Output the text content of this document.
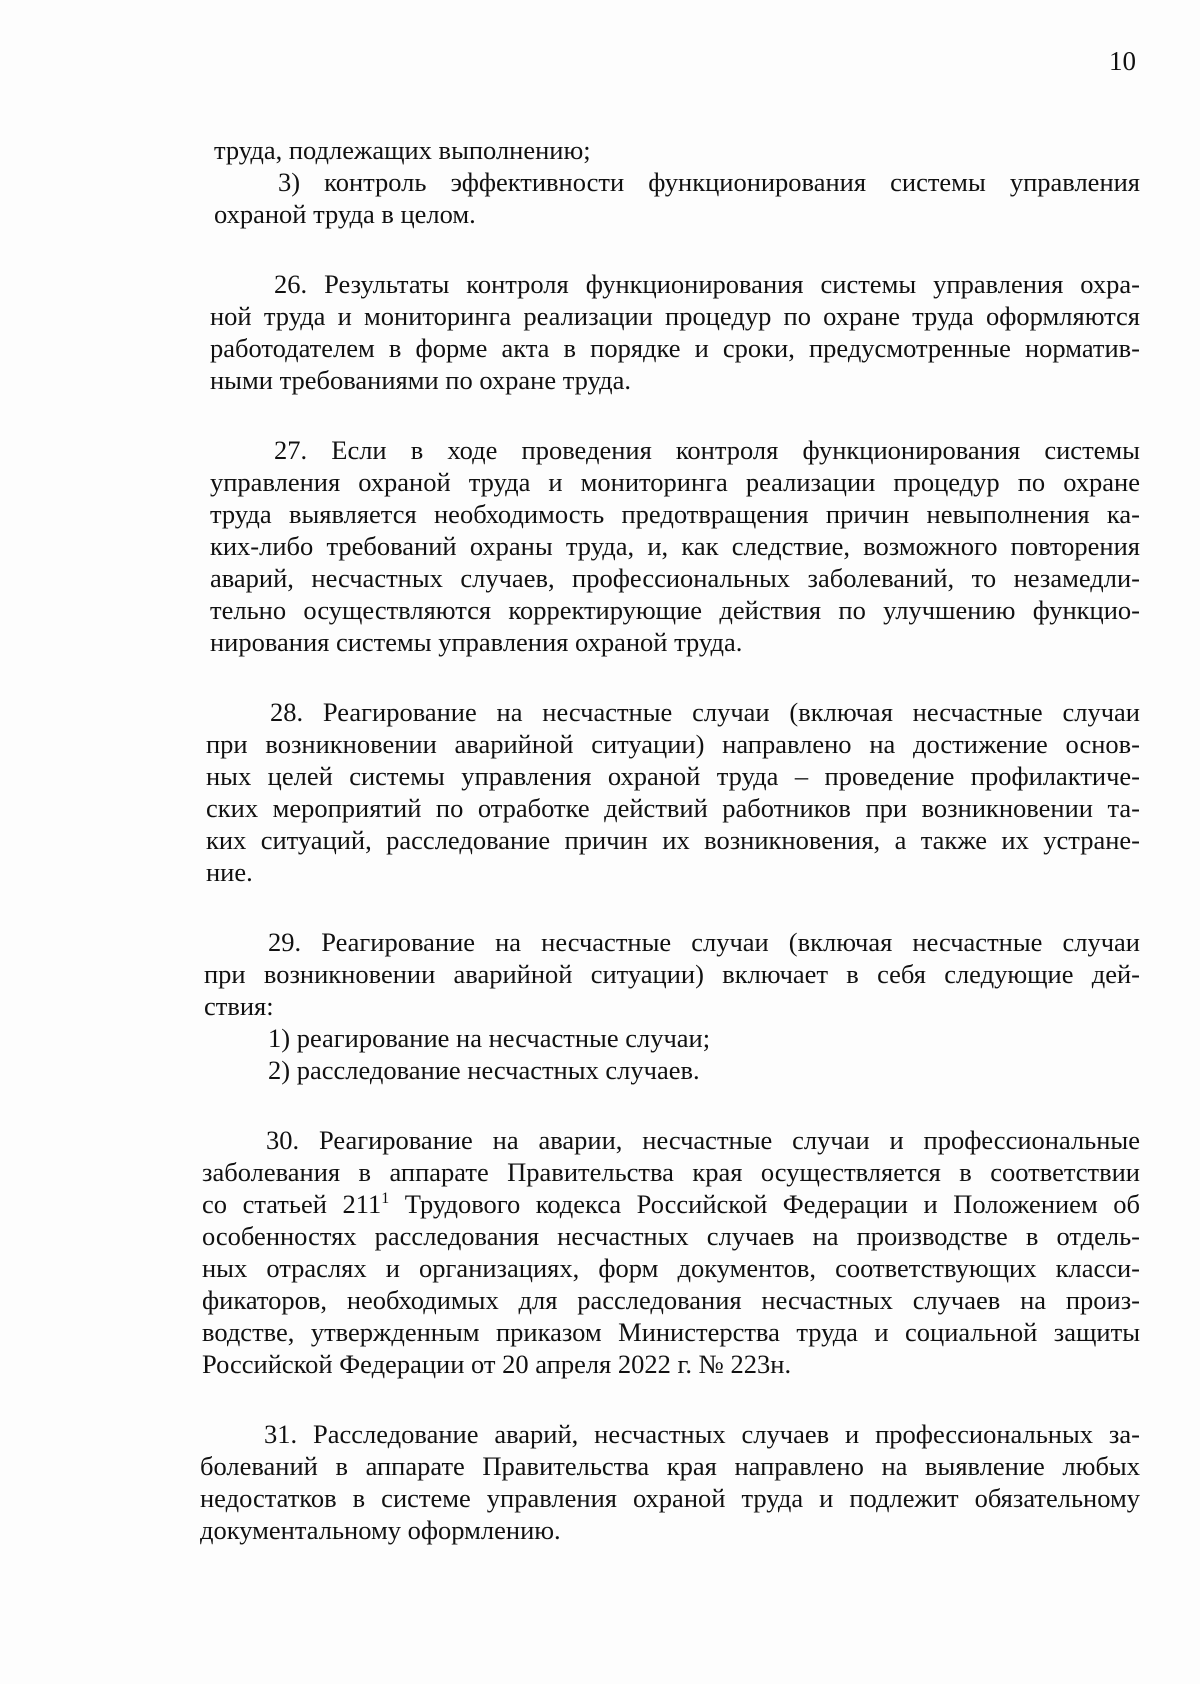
10
труда, подлежащих выполнению;
3) контроль эффективности функционирования системы управления
охраной труда в целом.
26. Результаты контроля функционирования системы управления охра-
ной труда и мониторинга реализации процедур по охране труда оформляются
работодателем в форме акта в порядке и сроки, предусмотренные норматив-
ными требованиями по охране труда.
27. Если в ходе проведения контроля функционирования системы
управления охраной труда и мониторинга реализации процедур по охране
труда выявляется необходимость предотвращения причин невыполнения ка-
ких-либо требований охраны труда, и, как следствие, возможного повторения
аварий, несчастных случаев, профессиональных заболеваний, то незамедли-
тельно осуществляются корректирующие действия по улучшению функцио-
нирования системы управления охраной труда.
28. Реагирование на несчастные случаи (включая несчастные случаи
при возникновении аварийной ситуации) направлено на достижение основ-
ных целей системы управления охраной труда – проведение профилактиче-
ских мероприятий по отработке действий работников при возникновении та-
ких ситуаций, расследование причин их возникновения, а также их устране-
ние.
29. Реагирование на несчастные случаи (включая несчастные случаи
при возникновении аварийной ситуации) включает в себя следующие дей-
ствия:
1) реагирование на несчастные случаи;
2) расследование несчастных случаев.
30. Реагирование на аварии, несчастные случаи и профессиональные
заболевания в аппарате Правительства края осуществляется в соответствии
со статьей $211^1$ Трудового кодекса Российской Федерации и Положением об
особенностях расследования несчастных случаев на производстве в отдель-
ных отраслях и организациях, форм документов, соответствующих класси-
фикаторов, необходимых для расследования несчастных случаев на произ-
водстве, утвержденным приказом Министерства труда и социальной защиты
Российской Федерации от 20 апреля 2022 г. № 223н.
31. Расследование аварий, несчастных случаев и профессиональных за-
болеваний в аппарате Правительства края направлено на выявление любых
недостатков в системе управления охраной труда и подлежит обязательному
документальному оформлению.
